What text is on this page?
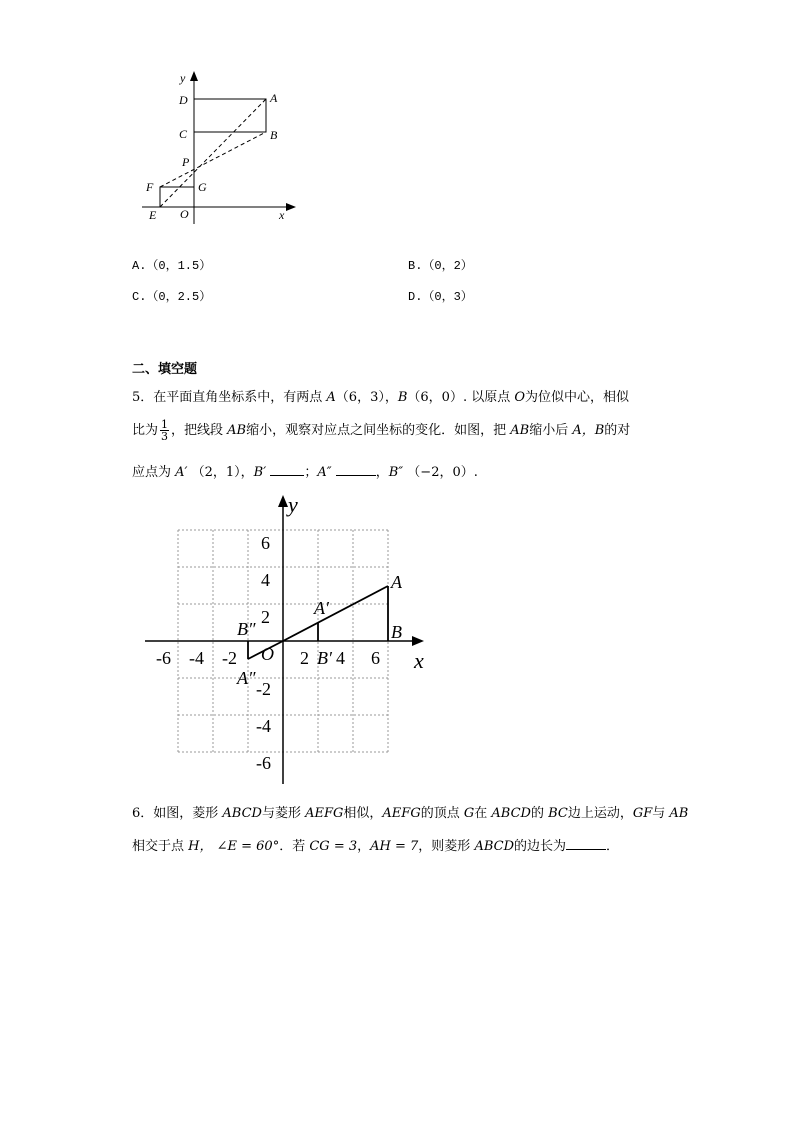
y
D	A
C	B
P
F	G
E O	x
A.（0，1.5）	B.（0，2）
C.（0，2.5）	D.（0，3）
二、填空题
5．在平面直角坐标系中，有两点 A（6，3），B（6，0）. 以原点 O为位似中心，相似
比为 $\frac{1}{3}$ ，把线段 AB缩小，观察对应点之间坐标的变化．如图，把 AB缩小后 A，B的对
应点为 A′ （2，1），B′	；A″	，B″ （−2，0）.
-6 -4 -2 O 2 4 6
6
4
2
-2
-4
-6
x
y
A
B
A′
B′
B″
A″
6．如图，菱形 ABCD与菱形 AEFG相似，AEFG的顶点 G在 ABCD的 BC边上运动，GF与 AB
相交于点 H， ∠E = 60°．若 CG = 3，AH = 7，则菱形 ABCD的边长为	．
